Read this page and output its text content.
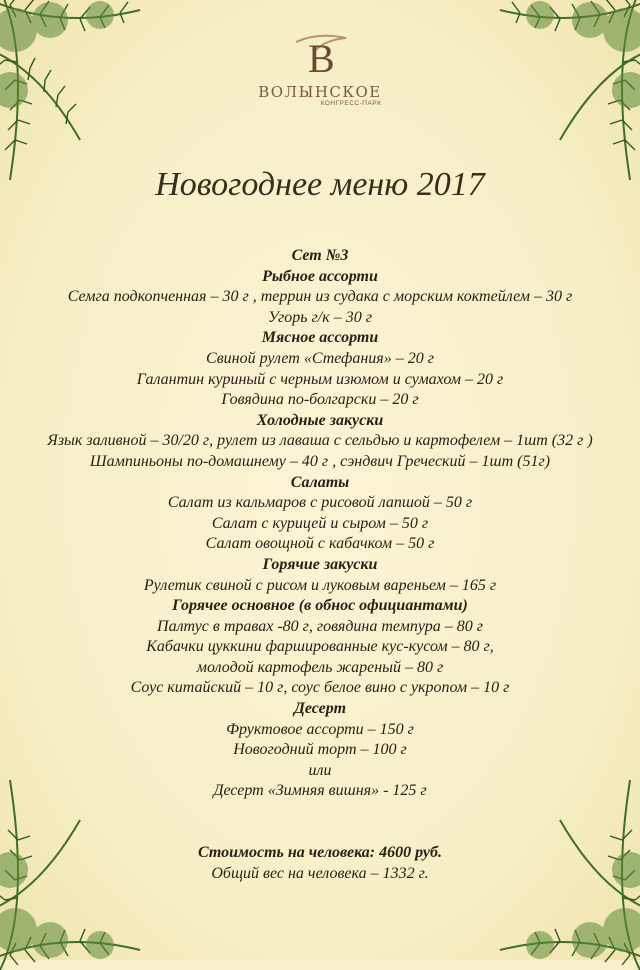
B
ВОЛЫНСКОЕ
КОНГРЕСС-ПАРК
Новогоднее меню 2017
Сет №3
Рыбное ассорти
Семга подкопченная – 30 г , террин из судака с морским коктейлем – 30 г
Угорь г/к – 30 г
Мясное ассорти
Свиной рулет «Стефания» – 20 г
Галантин куриный с черным изюмом и сумахом – 20 г
Говядина по-болгарски – 20 г
Холодные закуски
Язык заливной – 30/20 г, рулет из лаваша с сельдью и картофелем – 1шт (32 г )
Шампиньоны по-домашнему – 40 г , сэндвич Греческий – 1шт (51г)
Салаты
Салат из кальмаров с рисовой лапшой – 50 г
Салат с курицей и сыром – 50 г
Салат овощной с кабачком – 50 г
Горячие закуски
Рулетик свиной с рисом и луковым вареньем – 165 г
Горячее основное (в обнос официантами)
Палтус в травах -80 г, говядина темпура – 80 г
Кабачки цуккини фаршированные кус-кусом – 80 г,
молодой картофель жареный – 80 г
Соус китайский – 10 г, соус белое вино с укропом – 10 г
Десерт
Фруктовое ассорти – 150 г
Новогодний торт – 100 г
или
Десерт «Зимняя вишня» - 125 г
Стоимость на человека: 4600 руб.
Общий вес на человека – 1332 г.
